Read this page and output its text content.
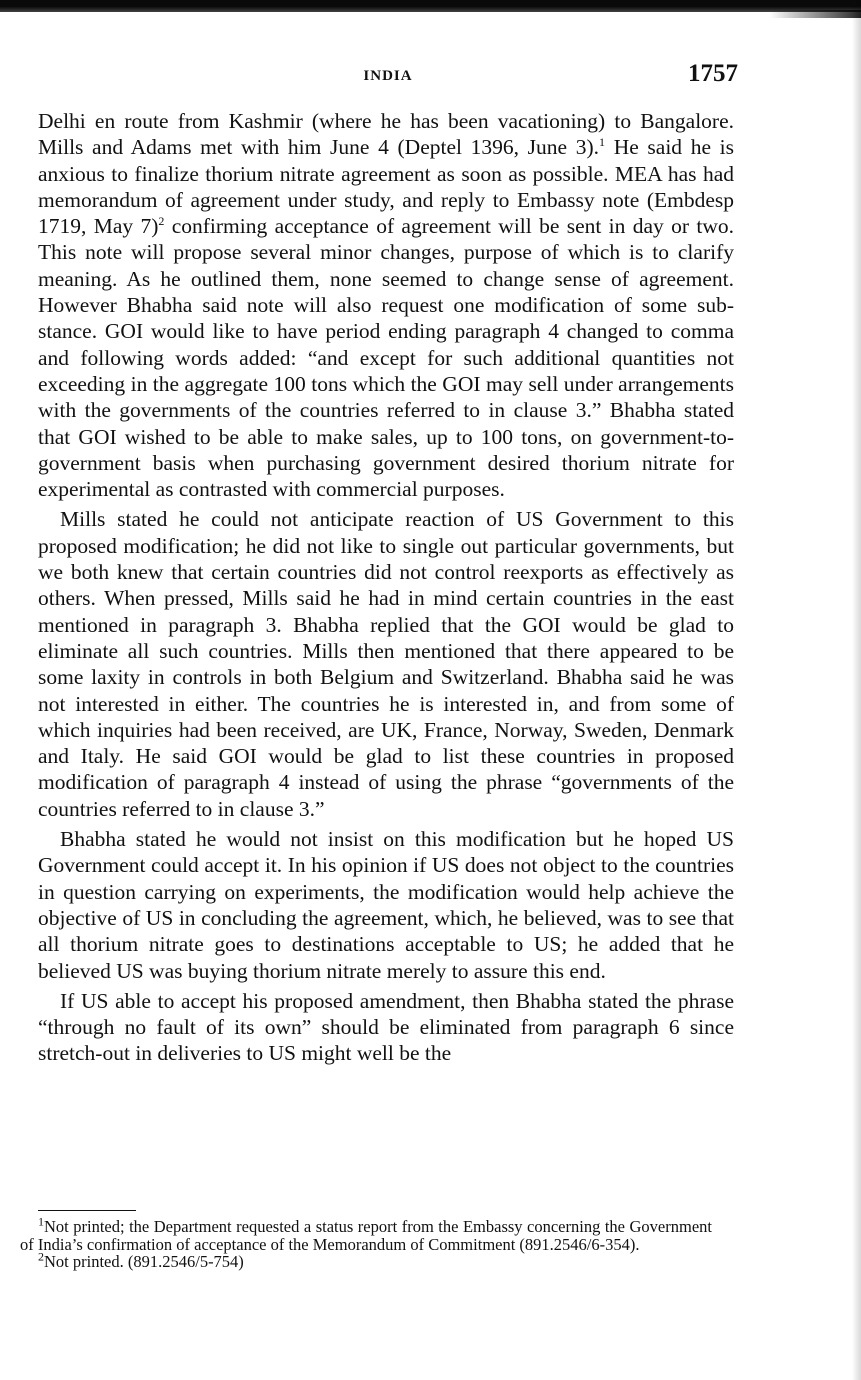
INDIA	1757

Delhi en route from Kashmir (where he has been vacationing) to Bangalore. Mills and Adams met with him June 4 (Deptel 1396, June 3).$^1$ He said he is anxious to finalize thorium nitrate agreement as soon as possible. MEA has had memorandum of agreement under study, and reply to Embassy note (Embdesp 1719, May 7)$^2$ confirming acceptance of agreement will be sent in day or two. This note will propose several minor changes, purpose of which is to clarify meaning. As he outlined them, none seemed to change sense of agreement. However Bhabha said note will also request one modification of some substance. GOI would like to have period ending paragraph 4 changed to comma and following words added: “and except for such additional quantities not exceeding in the aggregate 100 tons which the GOI may sell under arrangements with the governments of the countries referred to in clause 3.” Bhabha stated that GOI wished to be able to make sales, up to 100 tons, on government-to-government basis when purchasing government desired thorium nitrate for experimental as contrasted with commercial purposes.

Mills stated he could not anticipate reaction of US Government to this proposed modification; he did not like to single out particular governments, but we both knew that certain countries did not control reexports as effectively as others. When pressed, Mills said he had in mind certain countries in the east mentioned in paragraph 3. Bhabha replied that the GOI would be glad to eliminate all such countries. Mills then mentioned that there appeared to be some laxity in controls in both Belgium and Switzerland. Bhabha said he was not interested in either. The countries he is interested in, and from some of which inquiries had been received, are UK, France, Norway, Sweden, Denmark and Italy. He said GOI would be glad to list these countries in proposed modification of paragraph 4 instead of using the phrase “governments of the countries referred to in clause 3.”

Bhabha stated he would not insist on this modification but he hoped US Government could accept it. In his opinion if US does not object to the countries in question carrying on experiments, the modification would help achieve the objective of US in concluding the agreement, which, he believed, was to see that all thorium nitrate goes to destinations acceptable to US; he added that he believed US was buying thorium nitrate merely to assure this end.

If US able to accept his proposed amendment, then Bhabha stated the phrase “through no fault of its own” should be eliminated from paragraph 6 since stretch-out in deliveries to US might well be the

$^1$Not printed; the Department requested a status report from the Embassy concerning the Government of India’s confirmation of acceptance of the Memorandum of Commitment (891.2546/6-354).

$^2$Not printed. (891.2546/5-754)
